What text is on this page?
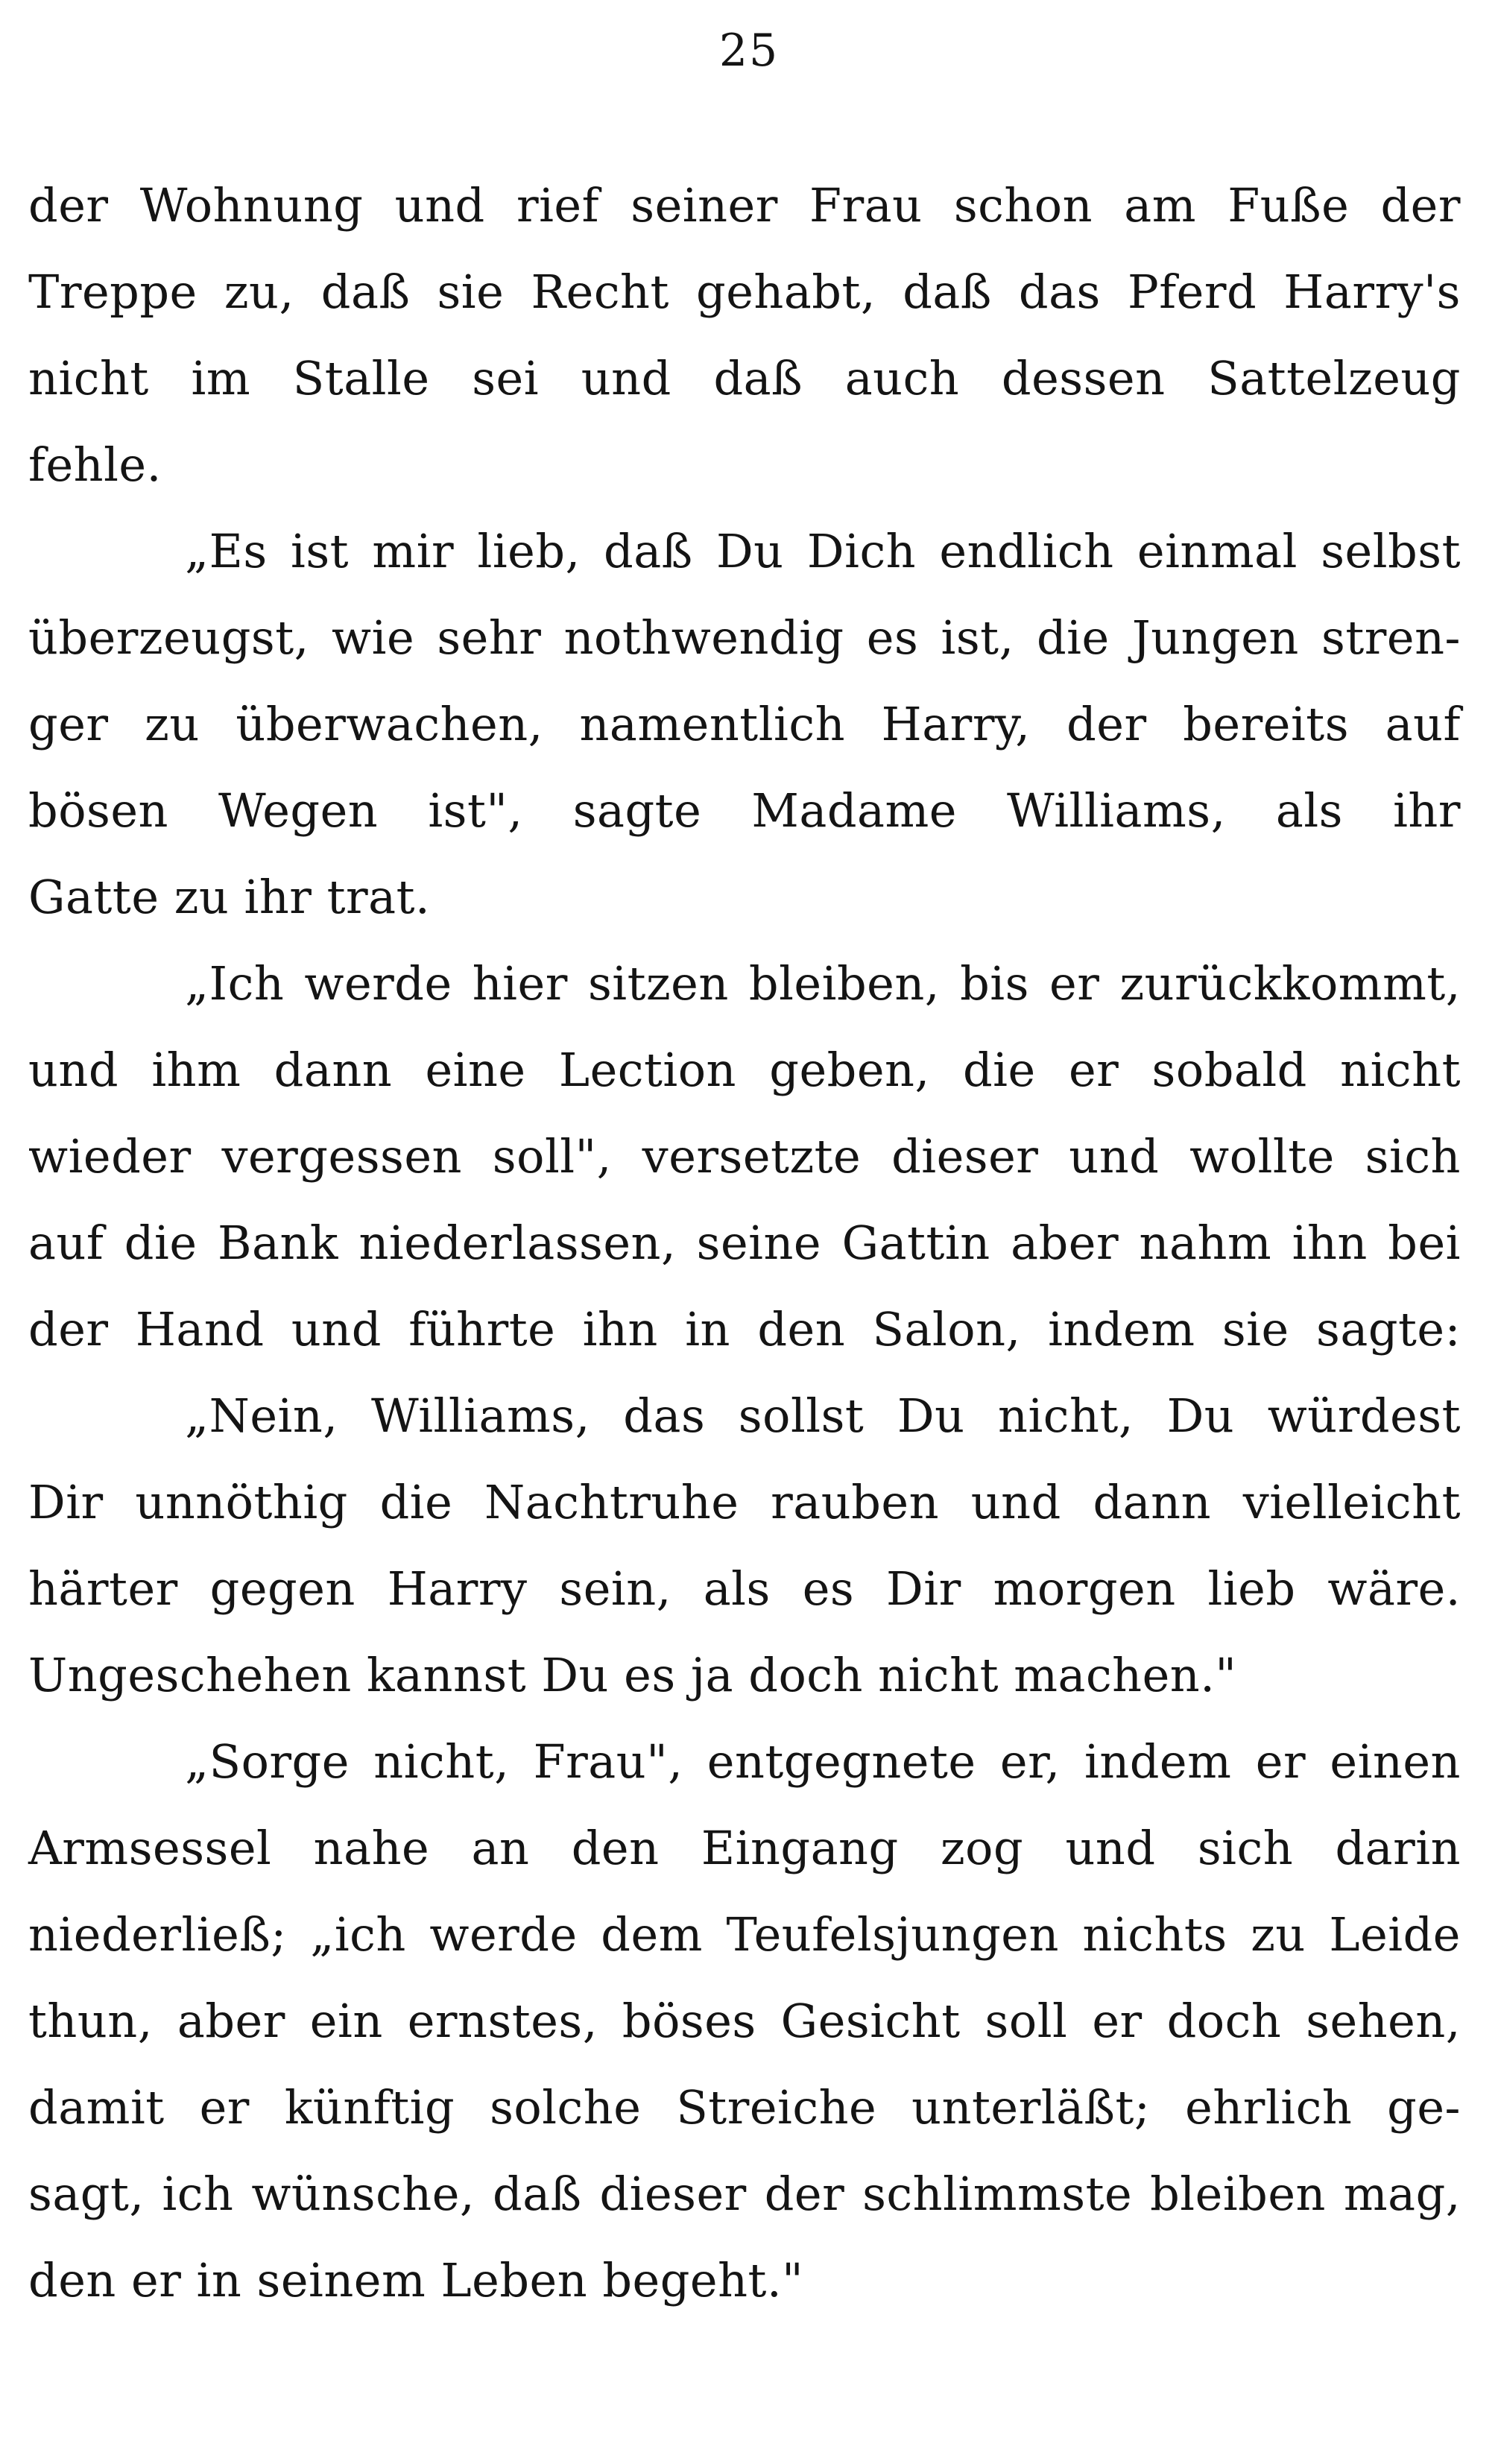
25
der Wohnung und rief seiner Frau schon am Fuße der
Treppe zu, daß sie Recht gehabt, daß das Pferd Harry's
nicht im Stalle sei und daß auch dessen Sattelzeug
fehle.
„Es ist mir lieb, daß Du Dich endlich einmal selbst
überzeugst, wie sehr nothwendig es ist, die Jungen stren-
ger zu überwachen, namentlich Harry, der bereits auf
bösen Wegen ist", sagte Madame Williams, als ihr
Gatte zu ihr trat.
„Ich werde hier sitzen bleiben, bis er zurückkommt,
und ihm dann eine Lection geben, die er sobald nicht
wieder vergessen soll", versetzte dieser und wollte sich
auf die Bank niederlassen, seine Gattin aber nahm ihn bei
der Hand und führte ihn in den Salon, indem sie sagte:
„Nein, Williams, das sollst Du nicht, Du würdest
Dir unnöthig die Nachtruhe rauben und dann vielleicht
härter gegen Harry sein, als es Dir morgen lieb wäre.
Ungeschehen kannst Du es ja doch nicht machen."
„Sorge nicht, Frau", entgegnete er, indem er einen
Armsessel nahe an den Eingang zog und sich darin
niederließ; „ich werde dem Teufelsjungen nichts zu Leide
thun, aber ein ernstes, böses Gesicht soll er doch sehen,
damit er künftig solche Streiche unterläßt; ehrlich ge-
sagt, ich wünsche, daß dieser der schlimmste bleiben mag,
den er in seinem Leben begeht."
